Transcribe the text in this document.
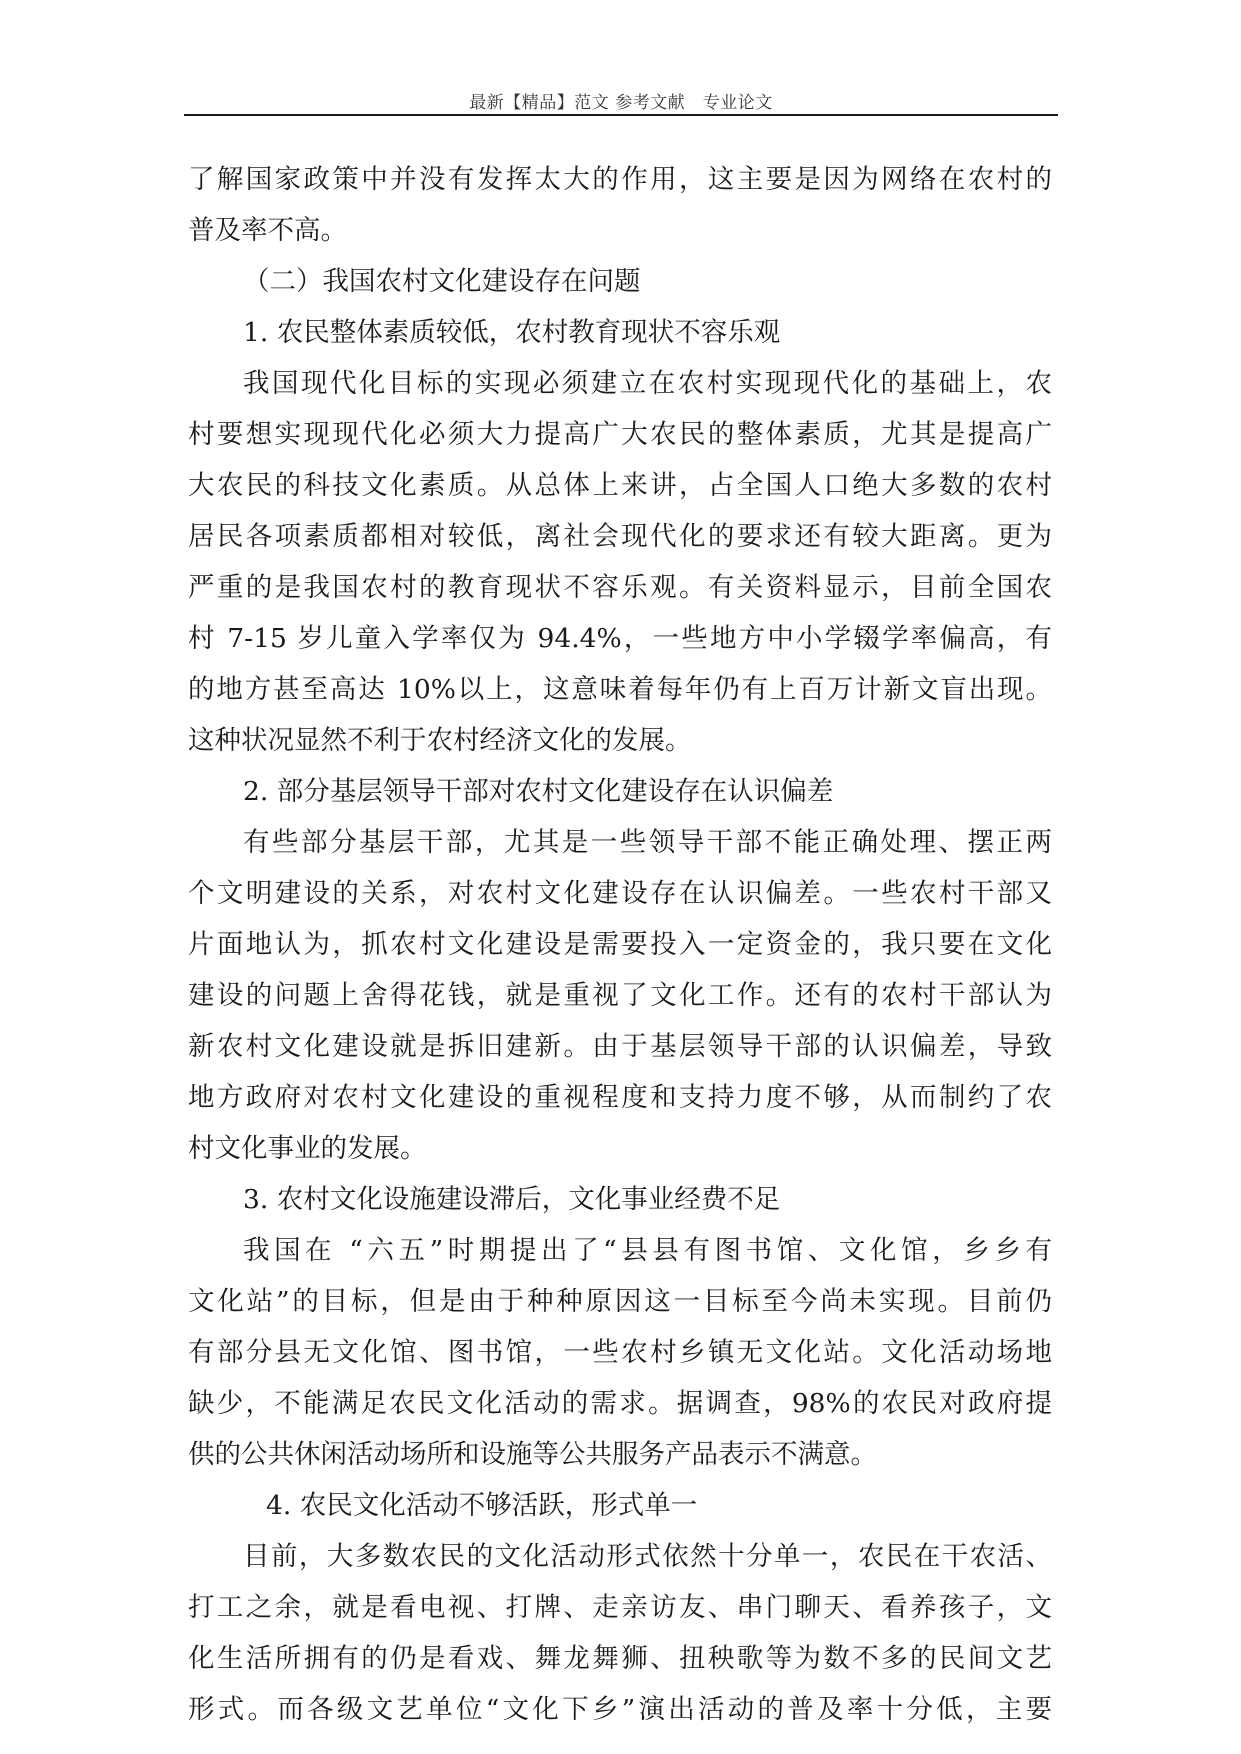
最新【精品】范文 参考文献　专业论文
了解国家政策中并没有发挥太大的作用，这主要是因为网络在农村的
普及率不高。
（二）我国农村文化建设存在问题
1. 农民整体素质较低，农村教育现状不容乐观
我国现代化目标的实现必须建立在农村实现现代化的基础上，农
村要想实现现代化必须大力提高广大农民的整体素质，尤其是提高广
大农民的科技文化素质。从总体上来讲，占全国人口绝大多数的农村
居民各项素质都相对较低，离社会现代化的要求还有较大距离。更为
严重的是我国农村的教育现状不容乐观。有关资料显示，目前全国农
村 7-15 岁儿童入学率仅为 94.4%，一些地方中小学辍学率偏高，有
的地方甚至高达 10%以上，这意味着每年仍有上百万计新文盲出现。
这种状况显然不利于农村经济文化的发展。
2. 部分基层领导干部对农村文化建设存在认识偏差
有些部分基层干部，尤其是一些领导干部不能正确处理、摆正两
个文明建设的关系，对农村文化建设存在认识偏差。一些农村干部又
片面地认为，抓农村文化建设是需要投入一定资金的，我只要在文化
建设的问题上舍得花钱，就是重视了文化工作。还有的农村干部认为
新农村文化建设就是拆旧建新。由于基层领导干部的认识偏差，导致
地方政府对农村文化建设的重视程度和支持力度不够，从而制约了农
村文化事业的发展。
3. 农村文化设施建设滞后，文化事业经费不足
我国在 “六五”时期提出了“县县有图书馆、文化馆，乡乡有
文化站”的目标，但是由于种种原因这一目标至今尚未实现。目前仍
有部分县无文化馆、图书馆，一些农村乡镇无文化站。文化活动场地
缺少，不能满足农民文化活动的需求。据调查，98%的农民对政府提
供的公共休闲活动场所和设施等公共服务产品表示不满意。
4. 农民文化活动不够活跃，形式单一
目前，大多数农民的文化活动形式依然十分单一，农民在干农活、
打工之余，就是看电视、打牌、走亲访友、串门聊天、看养孩子，文
化生活所拥有的仍是看戏、舞龙舞狮、扭秧歌等为数不多的民间文艺
形式。而各级文艺单位“文化下乡”演出活动的普及率十分低，主要
